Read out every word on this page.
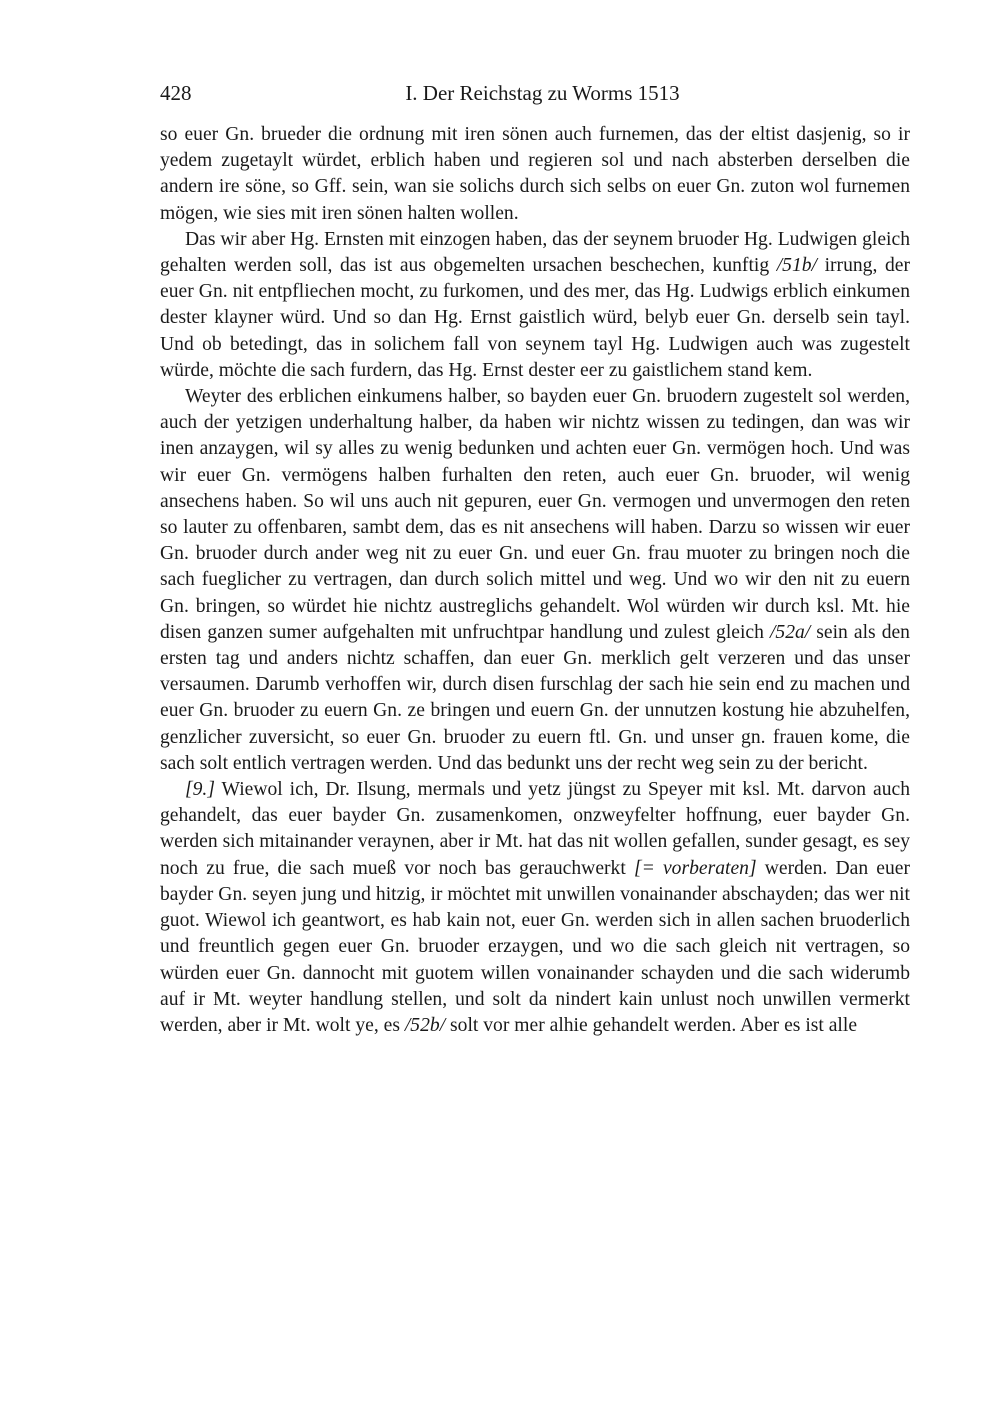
428	I. Der Reichstag zu Worms 1513

so euer Gn. brueder die ordnung mit iren sönen auch furnemen, das der eltist dasjenig, so ir yedem zugetaylt würdet, erblich haben und regieren sol und nach absterben derselben die andern ire söne, so Gff. sein, wan sie solichs durch sich selbs on euer Gn. zuton wol furnemen mögen, wie sies mit iren sönen halten wollen.

Das wir aber Hg. Ernsten mit einzogen haben, das der seynem bruoder Hg. Ludwigen gleich gehalten werden soll, das ist aus obgemelten ursachen beschechen, kunftig /51b/ irrung, der euer Gn. nit entpfliechen mocht, zu furkomen, und des mer, das Hg. Ludwigs erblich einkumen dester klayner würd. Und so dan Hg. Ernst gaistlich würd, belyb euer Gn. derselb sein tayl. Und ob betedingt, das in solichem fall von seynem tayl Hg. Ludwigen auch was zugestelt würde, möchte die sach furdern, das Hg. Ernst dester eer zu gaistlichem stand kem.

Weyter des erblichen einkumens halber, so bayden euer Gn. bruodern zugestelt sol werden, auch der yetzigen underhaltung halber, da haben wir nichtz wissen zu tedingen, dan was wir inen anzaygen, wil sy alles zu wenig bedunken und achten euer Gn. vermögen hoch. Und was wir euer Gn. vermögens halben furhalten den reten, auch euer Gn. bruoder, wil wenig ansechens haben. So wil uns auch nit gepuren, euer Gn. vermogen und unvermogen den reten so lauter zu offenbaren, sambt dem, das es nit ansechens will haben. Darzu so wissen wir euer Gn. bruoder durch ander weg nit zu euer Gn. und euer Gn. frau muoter zu bringen noch die sach fueglicher zu vertragen, dan durch solich mittel und weg. Und wo wir den nit zu euern Gn. bringen, so würdet hie nichtz austreglichs gehandelt. Wol würden wir durch ksl. Mt. hie disen ganzen sumer aufgehalten mit unfruchtpar handlung und zulest gleich /52a/ sein als den ersten tag und anders nichtz schaffen, dan euer Gn. merklich gelt verzeren und das unser versaumen. Darumb verhoffen wir, durch disen furschlag der sach hie sein end zu machen und euer Gn. bruoder zu euern Gn. ze bringen und euern Gn. der unnutzen kostung hie abzuhelfen, genzlicher zuversicht, so euer Gn. bruoder zu euern ftl. Gn. und unser gn. frauen kome, die sach solt entlich vertragen werden. Und das bedunkt uns der recht weg sein zu der bericht.

[9.] Wiewol ich, Dr. Ilsung, mermals und yetz jüngst zu Speyer mit ksl. Mt. darvon auch gehandelt, das euer bayder Gn. zusamenkomen, onzweyfelter hoffnung, euer bayder Gn. werden sich mitainander veraynen, aber ir Mt. hat das nit wollen gefallen, sunder gesagt, es sey noch zu frue, die sach mueß vor noch bas gerauchwerkt [= vorberaten] werden. Dan euer bayder Gn. seyen jung und hitzig, ir möchtet mit unwillen vonainander abschayden; das wer nit guot. Wiewol ich geantwort, es hab kain not, euer Gn. werden sich in allen sachen bruoderlich und freuntlich gegen euer Gn. bruoder erzaygen, und wo die sach gleich nit vertragen, so würden euer Gn. dannocht mit guotem willen vonainander schayden und die sach widerumb auf ir Mt. weyter handlung stellen, und solt da nindert kain unlust noch unwillen vermerkt werden, aber ir Mt. wolt ye, es /52b/ solt vor mer alhie gehandelt werden. Aber es ist alle
